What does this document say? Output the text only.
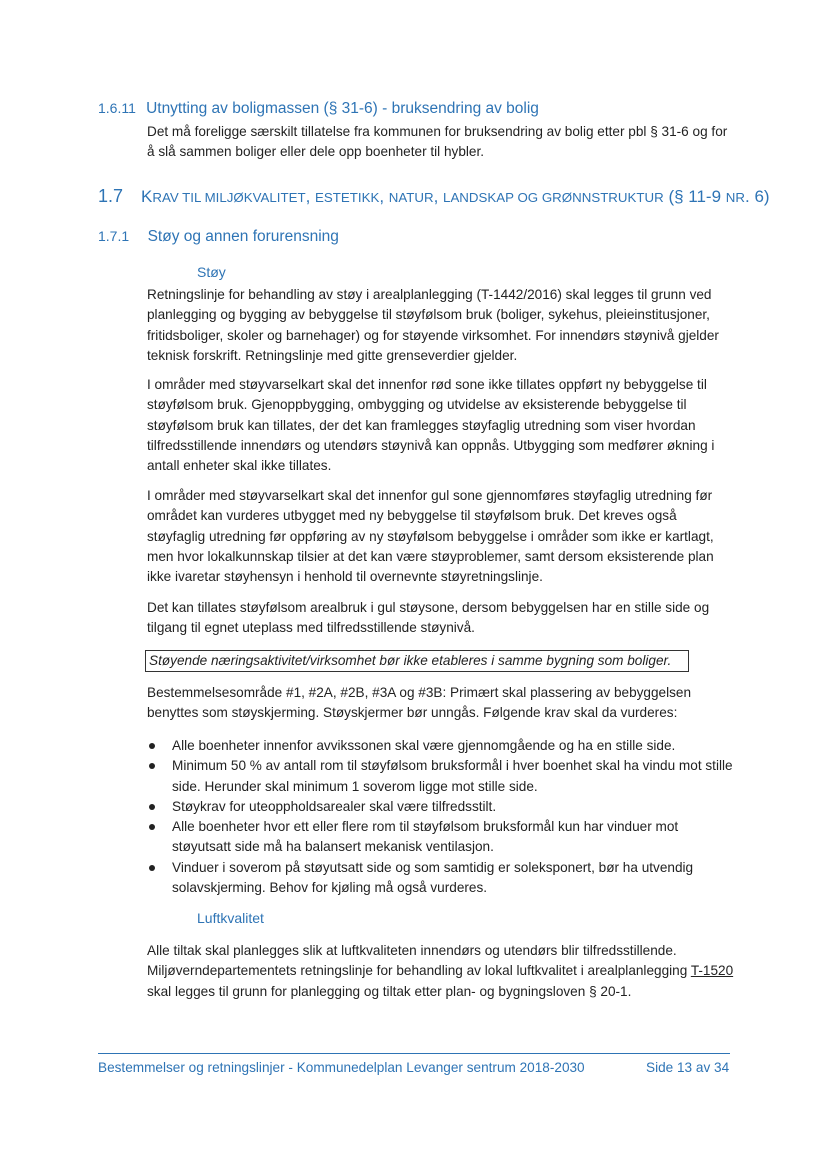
1.6.11 Utnytting av boligmassen (§ 31-6) - bruksendring av bolig
Det må foreligge særskilt tillatelse fra kommunen for bruksendring av bolig etter pbl § 31-6 og for å slå sammen boliger eller dele opp boenheter til hybler.
1.7 KRAV TIL MILJØKVALITET, ESTETIKK, NATUR, LANDSKAP OG GRØNNSTRUKTUR (§ 11-9 NR. 6)
1.7.1 Støy og annen forurensning
Støy
Retningslinje for behandling av støy i arealplanlegging (T-1442/2016) skal legges til grunn ved planlegging og bygging av bebyggelse til støyfølsom bruk (boliger, sykehus, pleieinstitusjoner, fritidsboliger, skoler og barnehager) og for støyende virksomhet. For innendørs støynivå gjelder teknisk forskrift. Retningslinje med gitte grenseverdier gjelder.
I områder med støyvarselkart skal det innenfor rød sone ikke tillates oppført ny bebyggelse til støyfølsom bruk. Gjenoppbygging, ombygging og utvidelse av eksisterende bebyggelse til støyfølsom bruk kan tillates, der det kan framlegges støyfaglig utredning som viser hvordan tilfredsstillende innendørs og utendørs støynivå kan oppnås. Utbygging som medfører økning i antall enheter skal ikke tillates.
I områder med støyvarselkart skal det innenfor gul sone gjennomføres støyfaglig utredning før området kan vurderes utbygget med ny bebyggelse til støyfølsom bruk. Det kreves også støyfaglig utredning før oppføring av ny støyfølsom bebyggelse i områder som ikke er kartlagt, men hvor lokalkunnskap tilsier at det kan være støyproblemer, samt dersom eksisterende plan ikke ivaretar støyhensyn i henhold til overnevnte støyretningslinje.
Det kan tillates støyfølsom arealbruk i gul støysone, dersom bebyggelsen har en stille side og tilgang til egnet uteplass med tilfredsstillende støynivå.
Støyende næringsaktivitet/virksomhet bør ikke etableres i samme bygning som boliger.
Bestemmelsesområde #1, #2A, #2B, #3A og #3B: Primært skal plassering av bebyggelsen benyttes som støyskjerming. Støyskjermer bør unngås. Følgende krav skal da vurderes:
Alle boenheter innenfor avvikssonen skal være gjennomgående og ha en stille side.
Minimum 50 % av antall rom til støyfølsom bruksformål i hver boenhet skal ha vindu mot stille side. Herunder skal minimum 1 soverom ligge mot stille side.
Støykrav for uteoppholdsarealer skal være tilfredsstilt.
Alle boenheter hvor ett eller flere rom til støyfølsom bruksformål kun har vinduer mot støyutsatt side må ha balansert mekanisk ventilasjon.
Vinduer i soverom på støyutsatt side og som samtidig er soleksponert, bør ha utvendig solavskjerming. Behov for kjøling må også vurderes.
Luftkvalitet
Alle tiltak skal planlegges slik at luftkvaliteten innendørs og utendørs blir tilfredsstillende. Miljøverndepartementets retningslinje for behandling av lokal luftkvalitet i arealplanlegging T-1520 skal legges til grunn for planlegging og tiltak etter plan- og bygningsloven § 20-1.
Bestemmelser og retningslinjer - Kommunedelplan Levanger sentrum 2018-2030	Side 13 av 34
